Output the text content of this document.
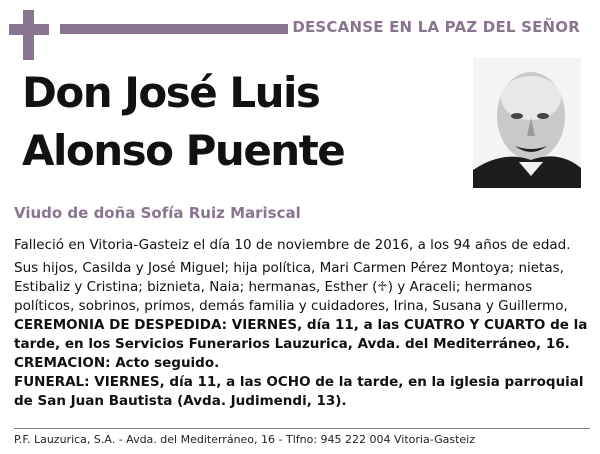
DESCANSE EN LA PAZ DEL SEÑOR
Don José Luis
Alonso Puente
Viudo de doña Sofía Ruiz Mariscal

Falleció en Vitoria-Gasteiz el día 10 de noviembre de 2016, a los 94 años de edad.

Sus hijos, Casilda y José Miguel; hija política, Mari Carmen Pérez Montoya; nietas, Estibaliz y Cristina; biznieta, Naia; hermanas, Esther (♱) y Araceli; hermanos políticos, sobrinos, primos, demás familia y cuidadores, Irina, Susana y Guillermo,

CEREMONIA DE DESPEDIDA: VIERNES, día 11, a las CUATRO Y CUARTO de la tarde, en los Servicios Funerarios Lauzurica, Avda. del Mediterráneo, 16.

CREMACION: Acto seguido.

FUNERAL: VIERNES, día 11, a las OCHO de la tarde, en la iglesia parroquial de San Juan Bautista (Avda. Judimendi, 13).

P.F. Lauzurica, S.A. - Avda. del Mediterráneo, 16 - Tlfno: 945 222 004 Vitoria-Gasteiz
